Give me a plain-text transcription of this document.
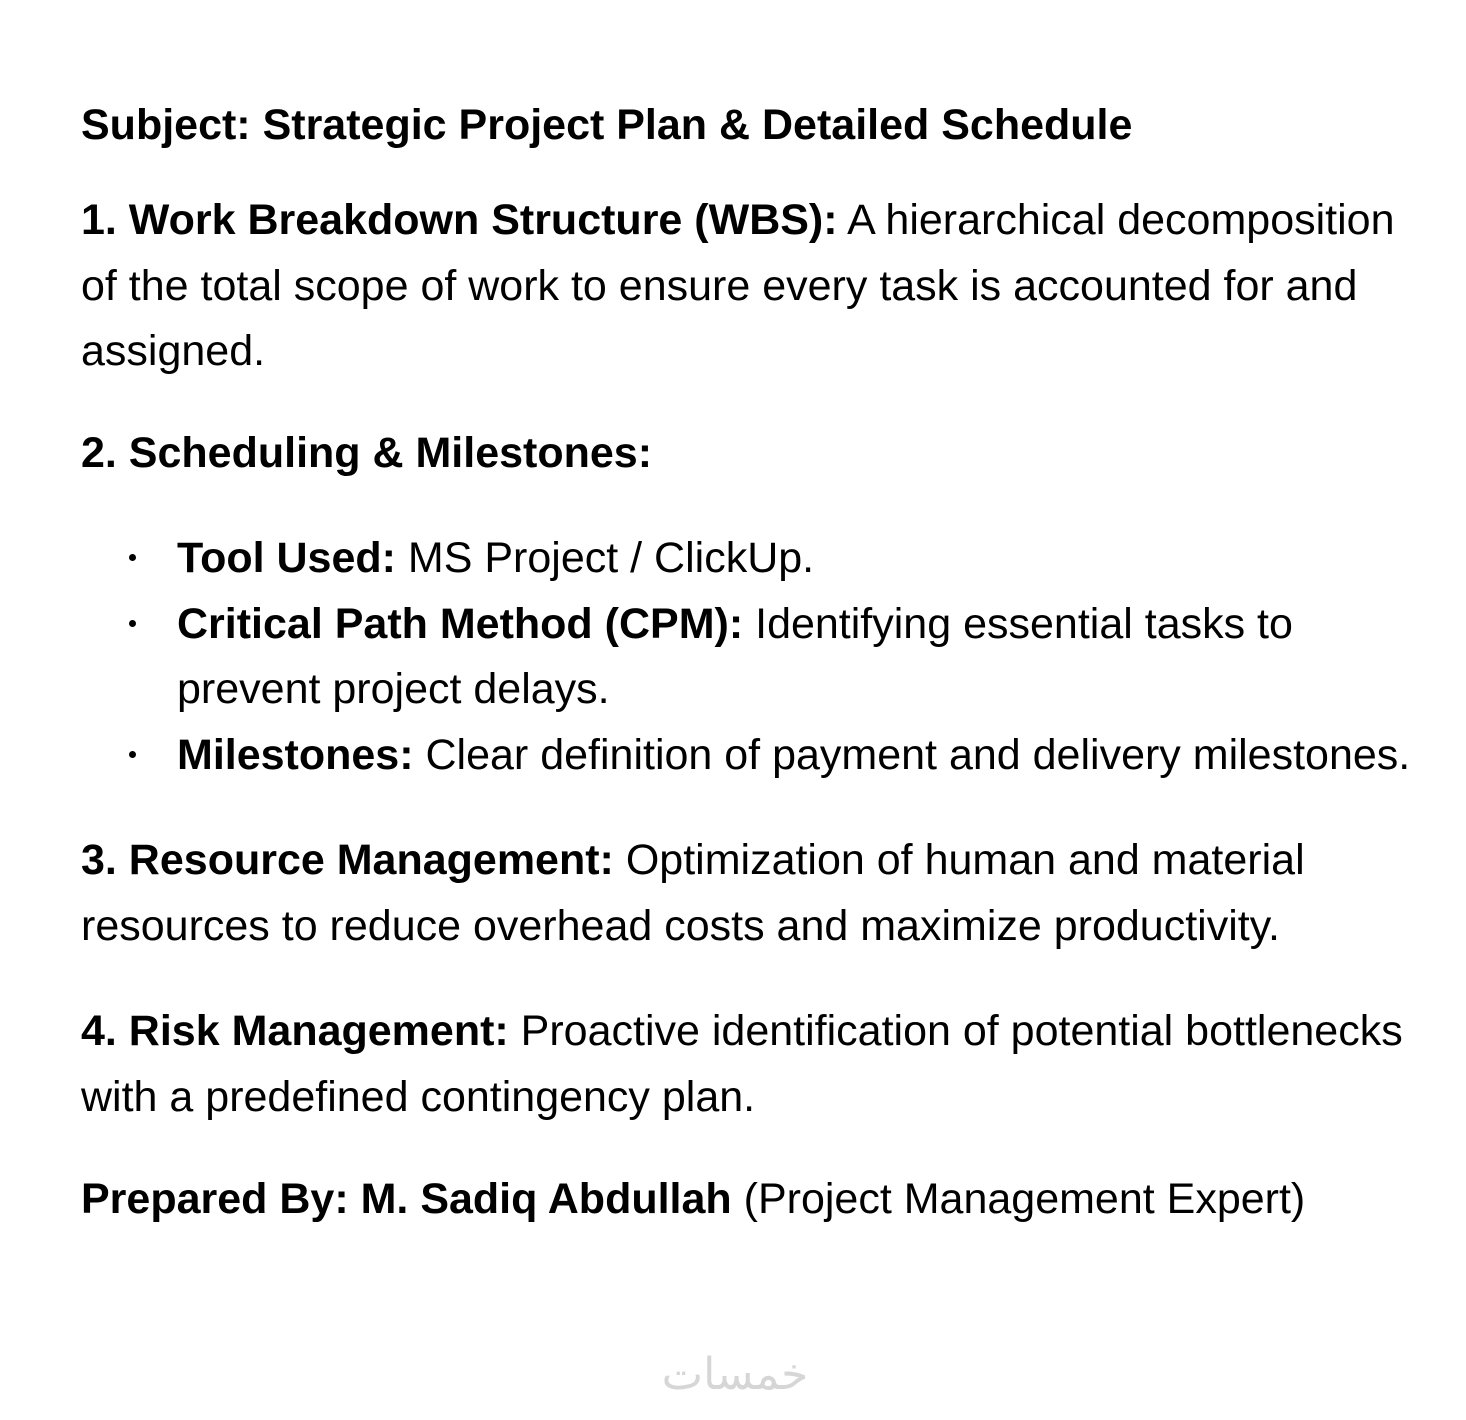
Subject: Strategic Project Plan & Detailed Schedule

1. Work Breakdown Structure (WBS): A hierarchical decomposition of the total scope of work to ensure every task is accounted for and assigned.

2. Scheduling & Milestones:

Tool Used: MS Project / ClickUp.
Critical Path Method (CPM): Identifying essential tasks to prevent project delays.
Milestones: Clear definition of payment and delivery milestones.

3. Resource Management: Optimization of human and material resources to reduce overhead costs and maximize productivity.

4. Risk Management: Proactive identification of potential bottlenecks with a predefined contingency plan.

Prepared By: M. Sadiq Abdullah (Project Management Expert)

خمسات
